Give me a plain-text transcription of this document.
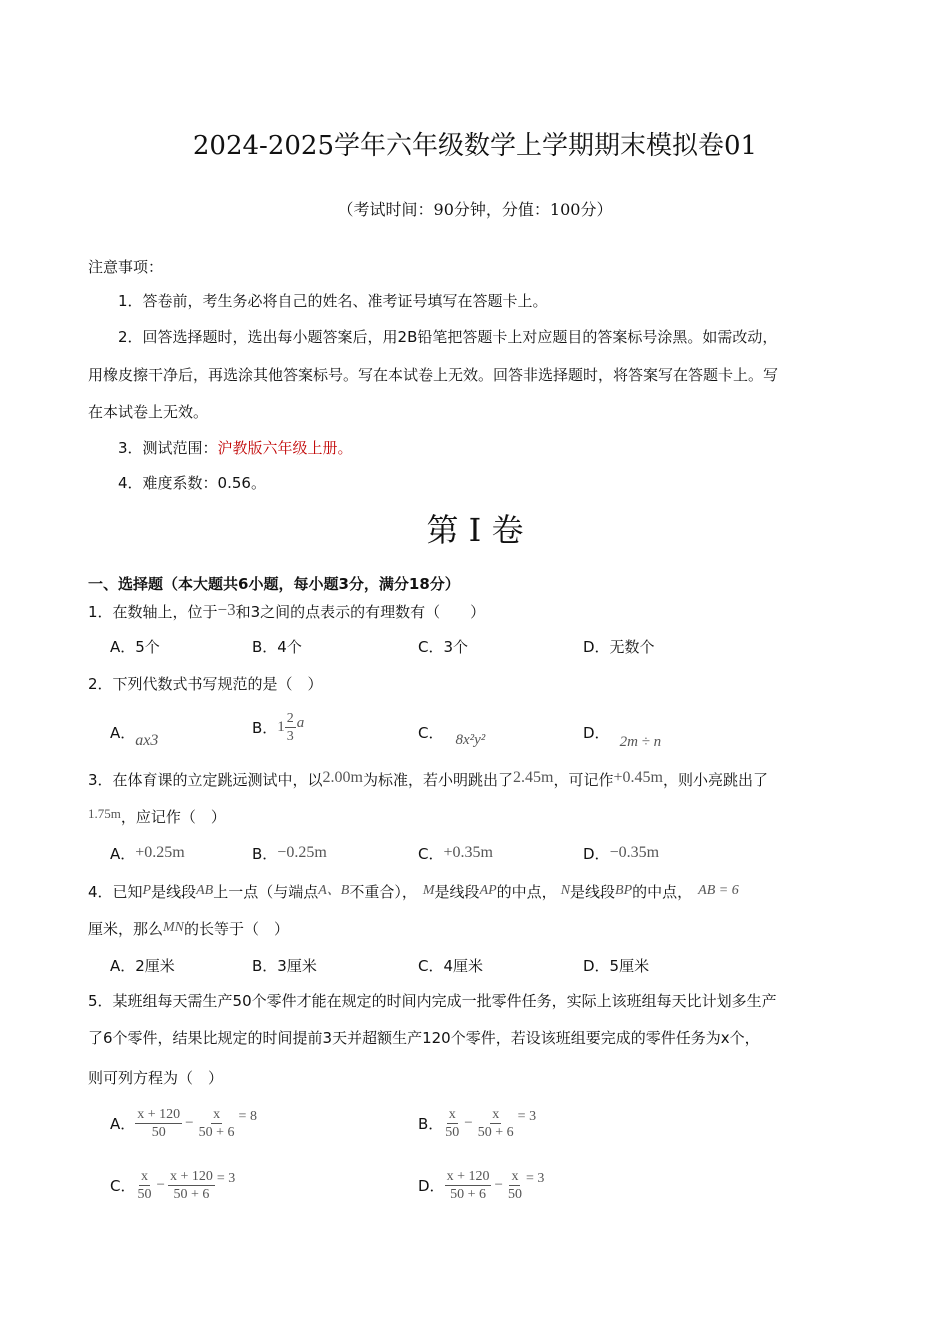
2024-2025学年六年级数学上学期期末模拟卷01
（考试时间：90分钟，分值：100分）
注意事项：
1．答卷前，考生务必将自己的姓名、准考证号填写在答题卡上。
2．回答选择题时，选出每小题答案后，用2B铅笔把答题卡上对应题目的答案标号涂黑。如需改动，
用橡皮擦干净后，再选涂其他答案标号。写在本试卷上无效。回答非选择题时，将答案写在答题卡上。写
在本试卷上无效。
3．测试范围：沪教版六年级上册。
4．难度系数：0.56。
第 I 卷
一、选择题（本大题共6小题，每小题3分，满分18分）
1．在数轴上，位于−3和3之间的点表示的有理数有（　　）
A．5个	B．4个	C．3个	D．无数个
2．下列代数式书写规范的是（　）
A．ax3
B． $1 \frac{2}{3}$ a
C． 8x²y²	D． 2m ÷ n
3．在体育课的立定跳远测试中，以2.00m为标准，若小明跳出了2.45m，可记作+0.45m，则小亮跳出了
1.75m，应记作（　）
A．+0.25m	B．−0.25m	C．+0.35m	D．−0.35m
4．已知P是线段AB上一点（与端点A、B不重合）， M是线段AP的中点， N是线段BP的中点， AB = 6
厘米，那么MN的长等于（　）
A．2厘米	B．3厘米	C．4厘米	D．5厘米
5．某班组每天需生产50个零件才能在规定的时间内完成一批零件任务，实际上该班组每天比计划多生产
了6个零件，结果比规定的时间提前3天并超额生产120个零件，若设该班组要完成的零件任务为x个，
则可列方程为（　）
A． $\frac{x + 120}{50} - \frac{x}{50 + 6} = 8$	B． $\frac{x}{50} - \frac{x}{50 + 6} = 3$
C． $\frac{x}{50} - \frac{x + 120}{50 + 6} = 3$	D． $\frac{x + 120}{50 + 6} - \frac{x}{50} = 3$
